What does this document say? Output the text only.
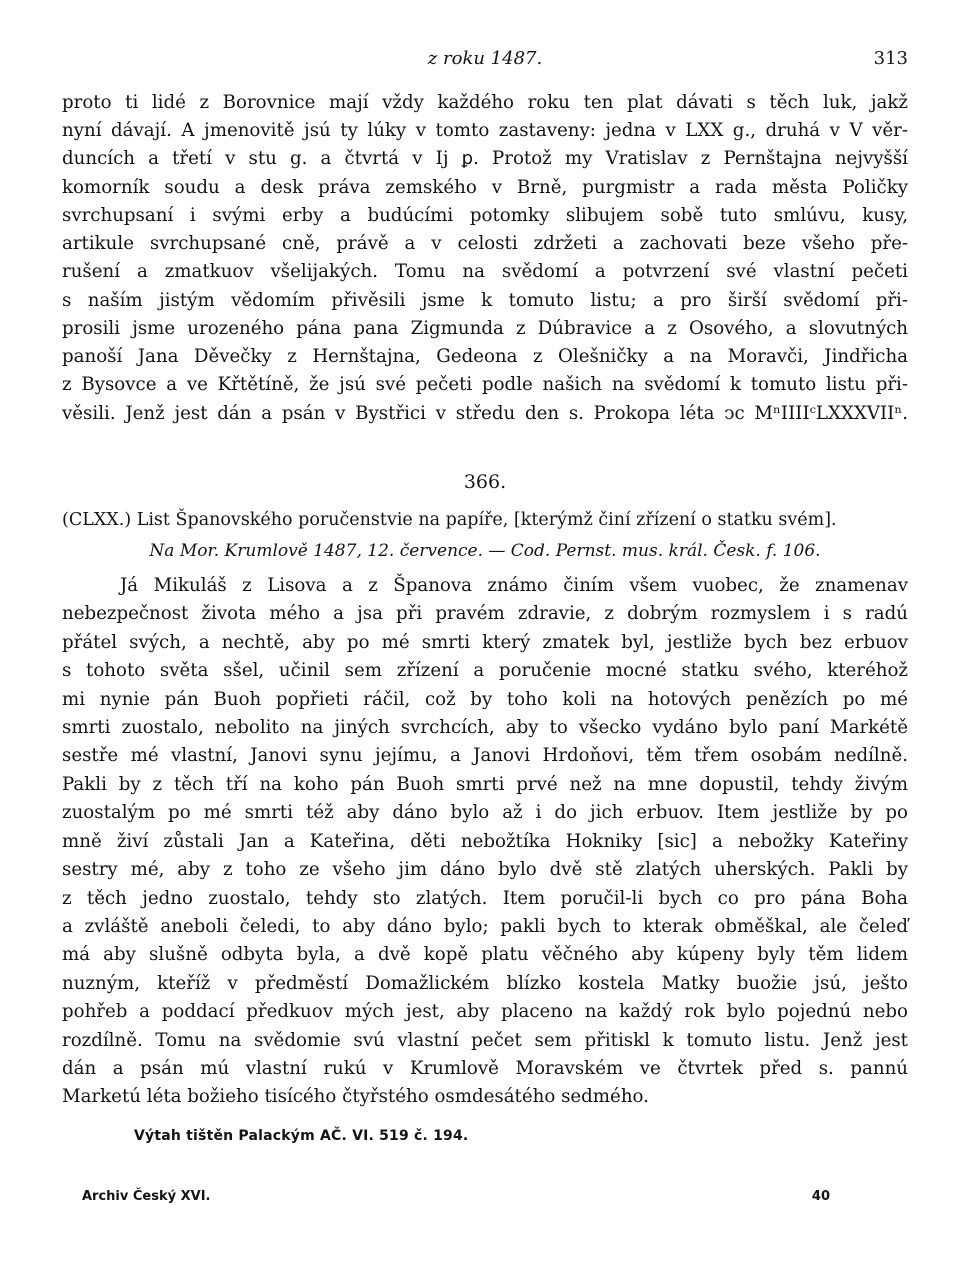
z roku 1487.	313
proto ti lidé z Borovnice mají vždy každého roku ten plat dávati s těch luk, jakž
nyní dávají. A jmenovitě jsú ty lúky v tomto zastaveny: jedna v LXX g., druhá v V věr-
duncích a třetí v stu g. a čtvrtá v Ij ꝑ. Protož my Vratislav z Pernštajna nejvyšší
komorník soudu a desk práva zemského v Brně, purgmistr a rada města Poličky
svrchupsaní i svými erby a budúcími potomky slibujem sobě tuto smlúvu, kusy,
artikule svrchupsané cně, právě a v celosti zdržeti a zachovati beze všeho pře-
rušení a zmatkuov všelijakých. Tomu na svědomí a potvrzení své vlastní pečeti
s naším jistým vědomím přivěsili jsme k tomuto listu; a pro širší svědomí při-
prosili jsme urozeného pána pana Zigmunda z Dúbravice a z Osového, a slovutných
panoší Jana Děvečky z Hernštajna, Gedeona z Olešničky a na Moravči, Jindřicha
z Bysovce a ve Křtětíně, že jsú své pečeti podle našich na svědomí k tomuto listu při-
věsili. Jenž jest dán a psán v Bystřici v středu den s. Prokopa léta ↄc MⁿIIIIᶜLXXXVIIⁿ.
366.
(CLXX.) List Španovského poručenstvie na papíře, [kterýmž činí zřízení o statku svém].
Na Mor. Krumlově 1487, 12. července. — Cod. Pernst. mus. král. Česk. f. 106.
Já Mikuláš z Lisova a z Španova známo činím všem vuobec, že znamenav
nebezpečnost života mého a jsa při pravém zdravie, z dobrým rozmyslem i s radú
přátel svých, a nechtě, aby po mé smrti který zmatek byl, jestliže bych bez erbuov
s tohoto světa sšel, učinil sem zřízení a poručenie mocné statku svého, kteréhož
mi nynie pán Buoh popřieti ráčil, což by toho koli na hotových penězích po mé
smrti zuostalo, nebolito na jiných svrchcích, aby to všecko vydáno bylo paní Markétě
sestře mé vlastní, Janovi synu jejímu, a Janovi Hrdoňovi, těm třem osobám nedílně.
Pakli by z těch tří na koho pán Buoh smrti prvé než na mne dopustil, tehdy živým
zuostalým po mé smrti též aby dáno bylo až i do jich erbuov. Item jestliže by po
mně živí zůstali Jan a Kateřina, děti nebožtíka Hokniky [sic] a nebožky Kateřiny
sestry mé, aby z toho ze všeho jim dáno bylo dvě stě zlatých uherských. Pakli by
z těch jedno zuostalo, tehdy sto zlatých. Item poručil-li bych co pro pána Boha
a zvláště aneboli čeledi, to aby dáno bylo; pakli bych to kterak obměškal, ale čeleď
má aby slušně odbyta byla, a dvě kopě platu věčného aby kúpeny byly těm lidem
nuzným, kteříž v předměstí Domažlickém blízko kostela Matky buožie jsú, ješto
pohřeb a poddací předkuov mých jest, aby placeno na každý rok bylo pojednú nebo
rozdílně. Tomu na svědomie svú vlastní pečet sem přitiskl k tomuto listu. Jenž jest
dán a psán mú vlastní rukú v Krumlově Moravském ve čtvrtek před s. pannú
Marketú léta božieho tisícého čtyřstého osmdesátého sedmého.
Výtah tištěn Palackým AČ. VI. 519 č. 194.
Archiv Český XVI.	40
